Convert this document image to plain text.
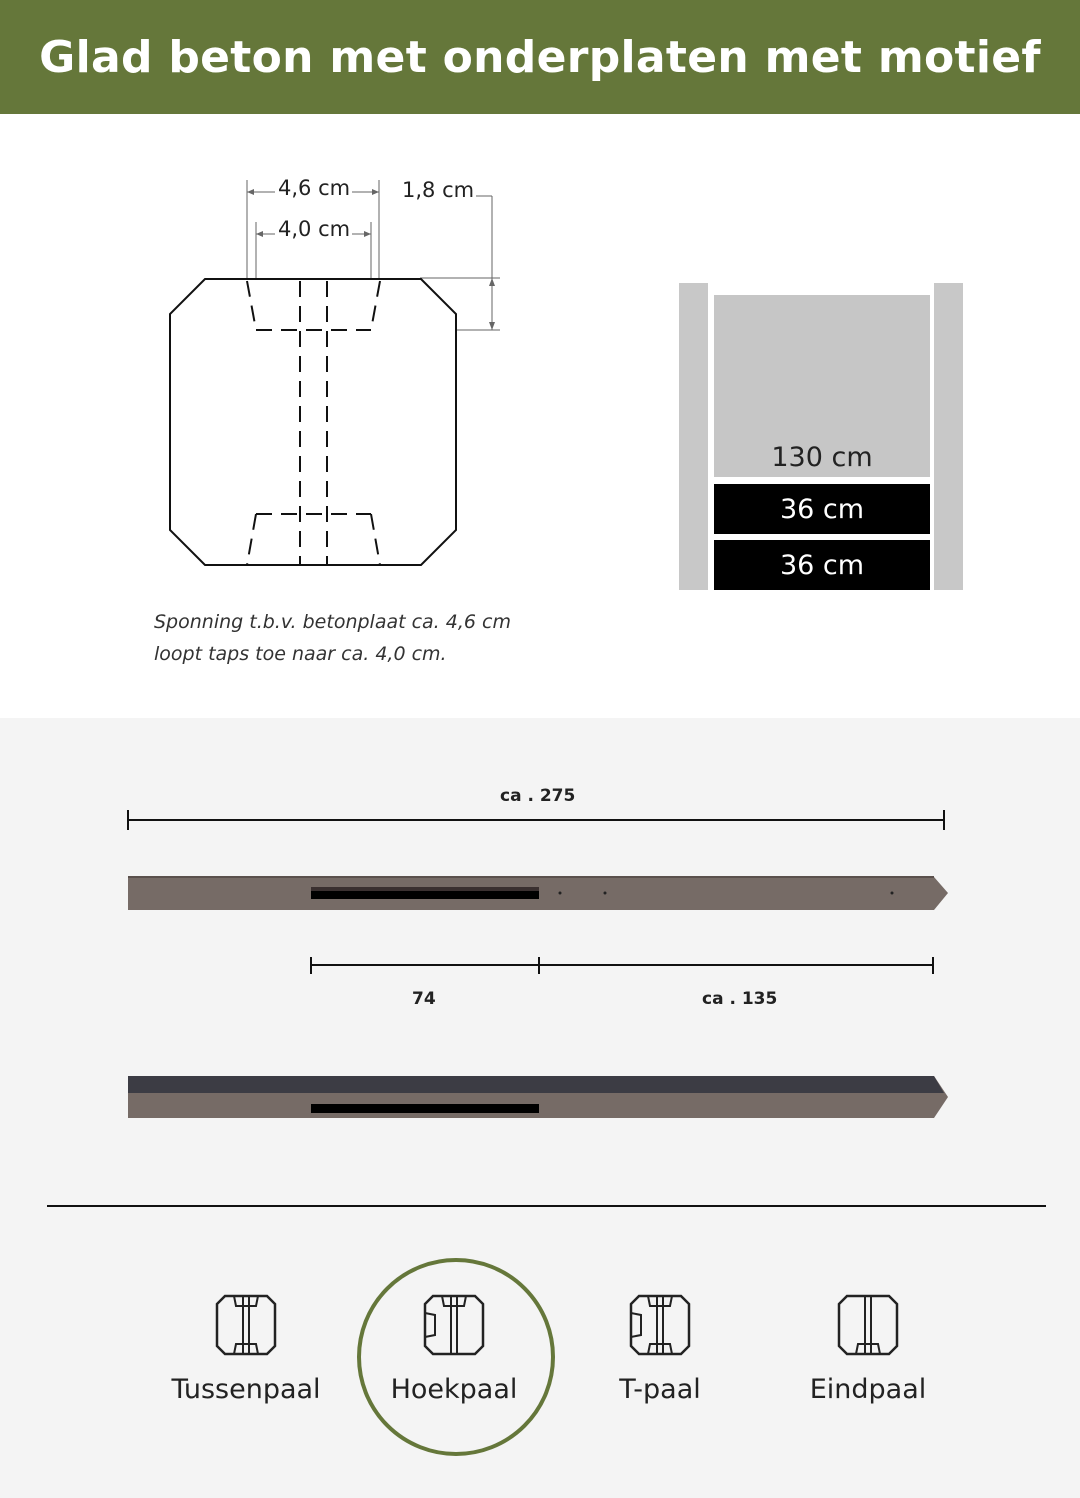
Glad beton met onderplaten met motief
4,6 cm
4,0 cm
1,8 cm
Sponning t.b.v. betonplaat ca. 4,6 cm loopt taps toe naar ca. 4,0 cm.
130 cm
36 cm
36 cm
ca . 275
74	ca . 135
Tussenpaal	Hoekpaal	T-paal	Eindpaal
